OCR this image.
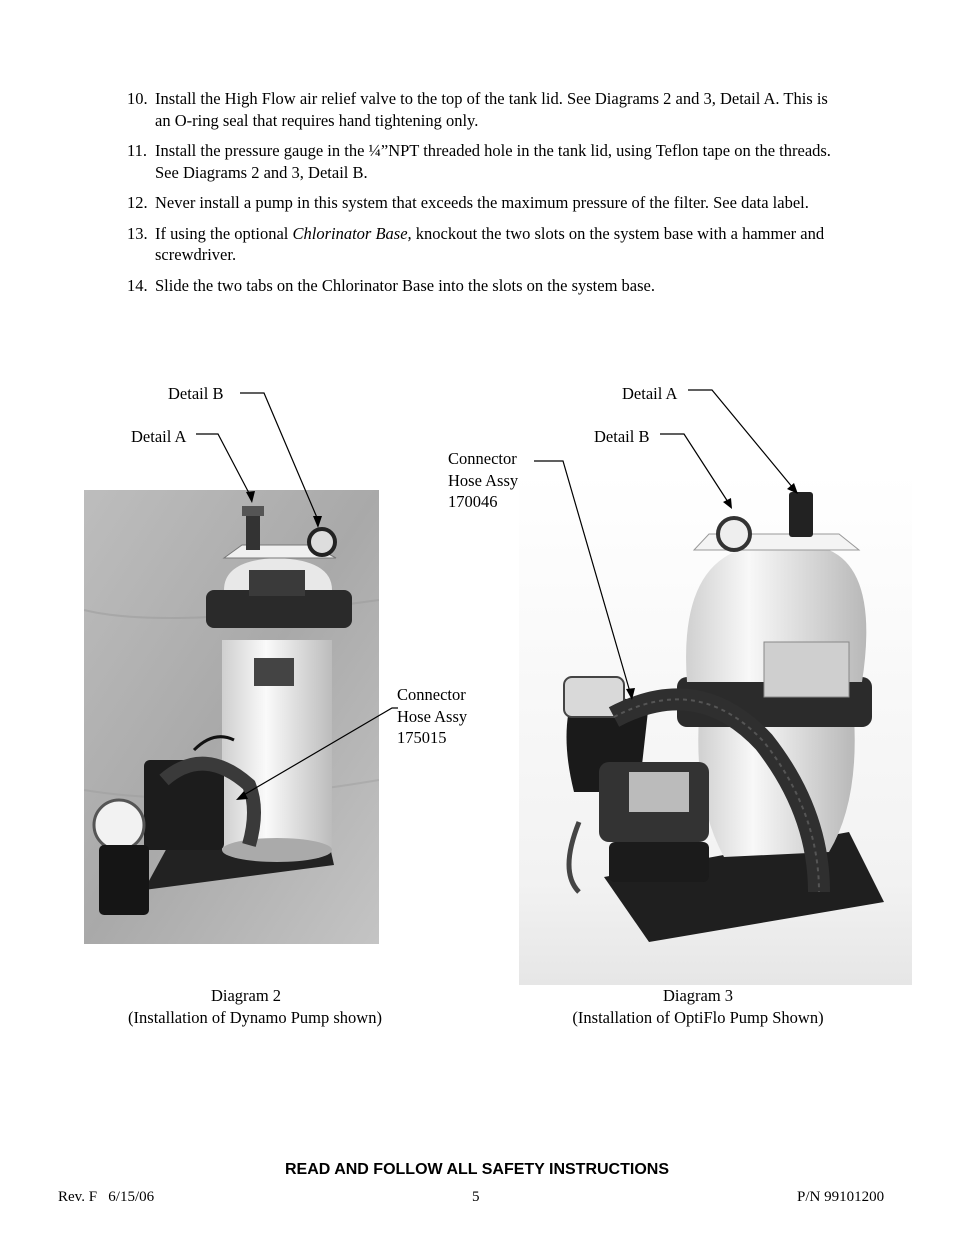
10. Install the High Flow air relief valve to the top of the tank lid. See Diagrams 2 and 3, Detail A. This is an O-ring seal that requires hand tightening only.
11. Install the pressure gauge in the ¼”NPT threaded hole in the tank lid, using Teflon tape on the threads. See Diagrams 2 and 3, Detail B.
12. Never install a pump in this system that exceeds the maximum pressure of the filter. See data label.
13. If using the optional Chlorinator Base, knockout the two slots on the system base with a hammer and screwdriver.
14. Slide the two tabs on the Chlorinator Base into the slots on the system base.
Detail B
Detail A
Connector
Hose Assy
175015
Detail A
Detail B
Connector
Hose Assy
170046
Diagram 2
(Installation of Dynamo Pump shown)
Diagram 3
(Installation of OptiFlo Pump Shown)
READ AND FOLLOW ALL SAFETY INSTRUCTIONS
Rev. F   6/15/06	5	P/N 99101200
